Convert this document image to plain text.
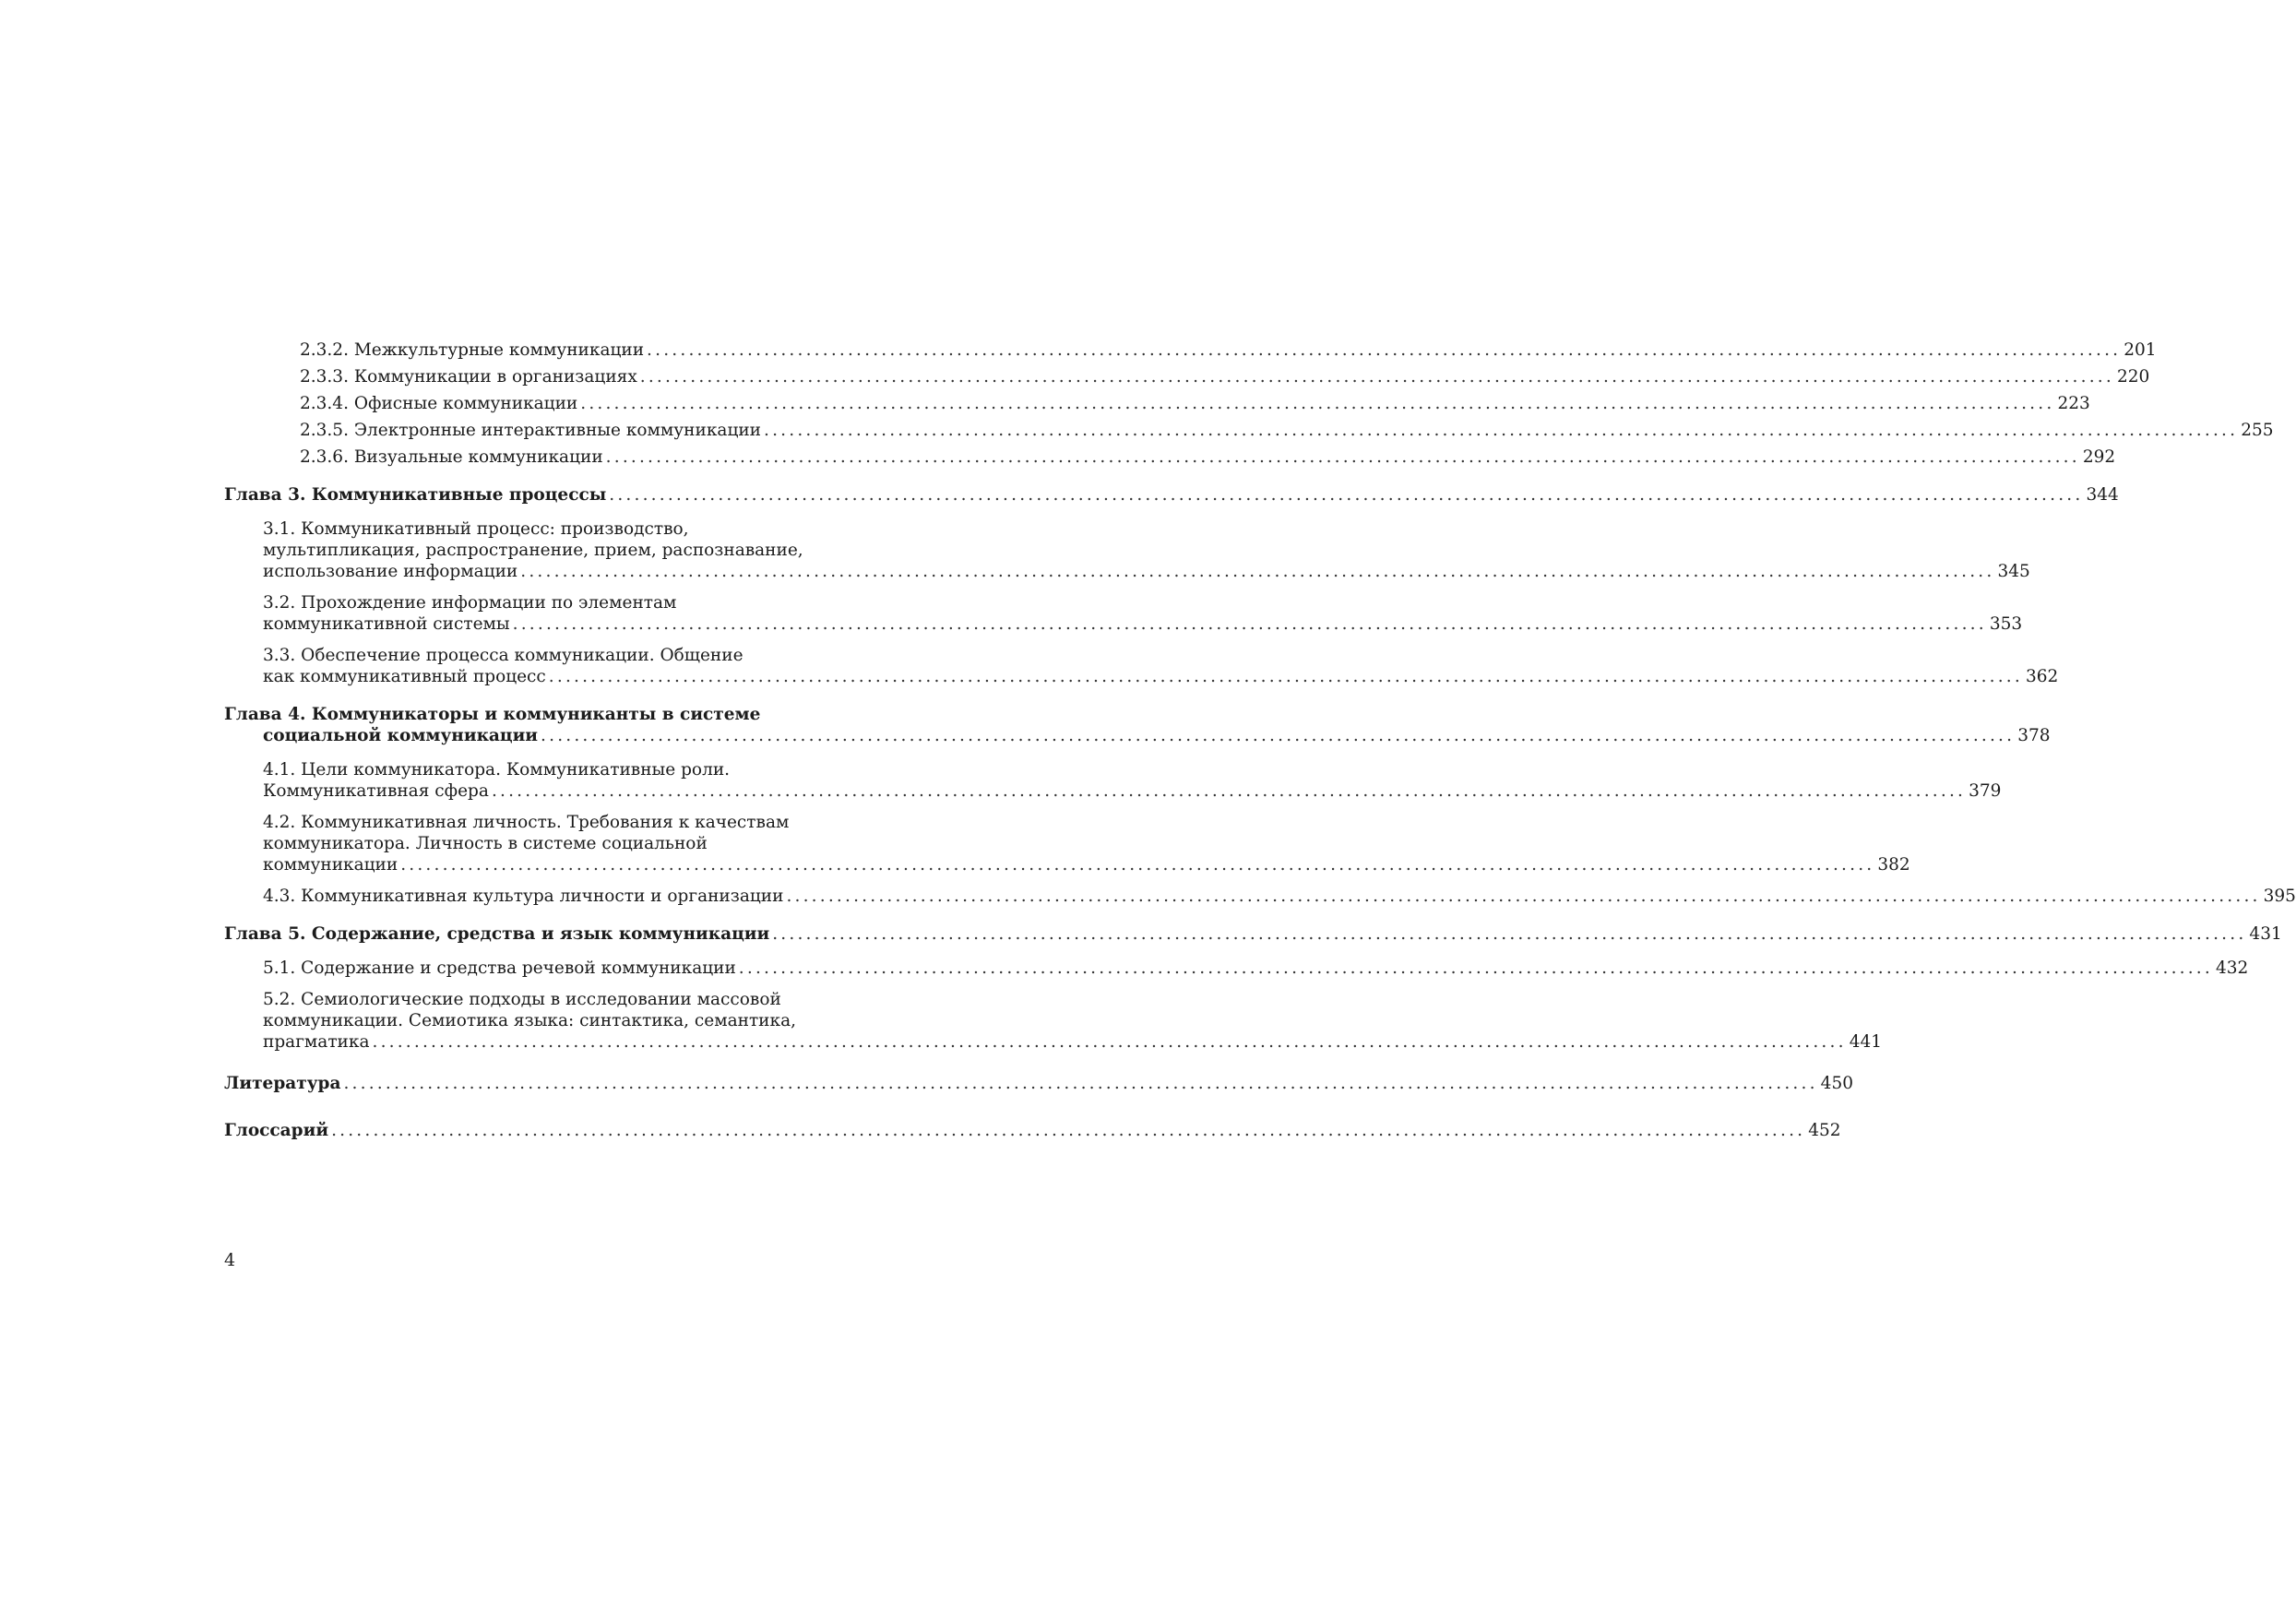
2.3.2. Межкультурные коммуникации .....	201
2.3.3. Коммуникации в организациях .....	220
2.3.4. Офисные коммуникации .....	223
2.3.5. Электронные интерактивные коммуникации .....	255
2.3.6. Визуальные коммуникации .....	292
Глава 3. Коммуникативные процессы .....	344
3.1. Коммуникативный процесс: производство,
мультипликация, распространение, прием, распознавание,
использование информации .....	345
3.2. Прохождение информации по элементам
коммуникативной системы .....	353
3.3. Обеспечение процесса коммуникации. Общение
как коммуникативный процесс .....	362
Глава 4. Коммуникаторы и коммуниканты в системе
социальной коммуникации .....	378
4.1. Цели коммуникатора. Коммуникативные роли.
Коммуникативная сфера .....	379
4.2. Коммуникативная личность. Требования к качествам
коммуникатора. Личность в системе социальной
коммуникации .....	382
4.3. Коммуникативная культура личности и организации .....	395
Глава 5. Содержание, средства и язык коммуникации .....	431
5.1. Содержание и средства речевой коммуникации .....	432
5.2. Семиологические подходы в исследовании массовой
коммуникации. Семиотика языка: синтактика, семантика,
прагматика .....	441
Литература .....	450
Глоссарий .....	452
4
